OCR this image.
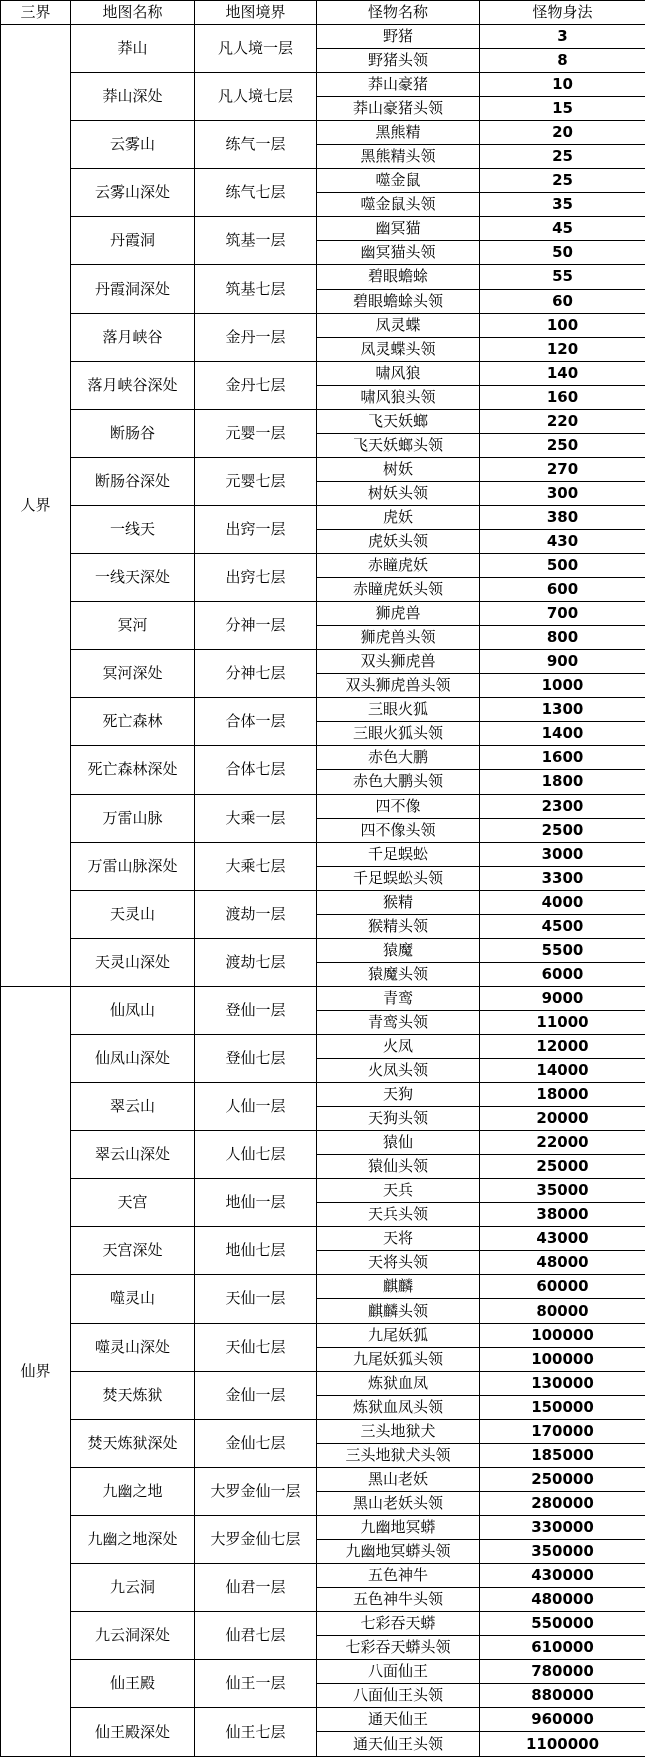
三界	地图名称	地图境界	怪物名称	怪物身法
人界	莽山	凡人境一层	野猪	3
			野猪头领	8
	莽山深处	凡人境七层	莽山豪猪	10
			莽山豪猪头领	15
	云雾山	练气一层	黑熊精	20
			黑熊精头领	25
	云雾山深处	练气七层	噬金鼠	25
			噬金鼠头领	35
	丹霞洞	筑基一层	幽冥猫	45
			幽冥猫头领	50
	丹霞洞深处	筑基七层	碧眼蟾蜍	55
			碧眼蟾蜍头领	60
	落月峡谷	金丹一层	凤灵蝶	100
			凤灵蝶头领	120
	落月峡谷深处	金丹七层	啸风狼	140
			啸风狼头领	160
	断肠谷	元婴一层	飞天妖螂	220
			飞天妖螂头领	250
	断肠谷深处	元婴七层	树妖	270
			树妖头领	300
	一线天	出窍一层	虎妖	380
			虎妖头领	430
	一线天深处	出窍七层	赤瞳虎妖	500
			赤瞳虎妖头领	600
	冥河	分神一层	狮虎兽	700
			狮虎兽头领	800
	冥河深处	分神七层	双头狮虎兽	900
			双头狮虎兽头领	1000
	死亡森林	合体一层	三眼火狐	1300
			三眼火狐头领	1400
	死亡森林深处	合体七层	赤色大鹏	1600
			赤色大鹏头领	1800
	万雷山脉	大乘一层	四不像	2300
			四不像头领	2500
	万雷山脉深处	大乘七层	千足蜈蚣	3000
			千足蜈蚣头领	3300
	天灵山	渡劫一层	猴精	4000
			猴精头领	4500
	天灵山深处	渡劫七层	猿魔	5500
			猿魔头领	6000
仙界	仙凤山	登仙一层	青鸾	9000
			青鸾头领	11000
	仙凤山深处	登仙七层	火凤	12000
			火凤头领	14000
	翠云山	人仙一层	天狗	18000
			天狗头领	20000
	翠云山深处	人仙七层	猿仙	22000
			猿仙头领	25000
	天宫	地仙一层	天兵	35000
			天兵头领	38000
	天宫深处	地仙七层	天将	43000
			天将头领	48000
	噬灵山	天仙一层	麒麟	60000
			麒麟头领	80000
	噬灵山深处	天仙七层	九尾妖狐	100000
			九尾妖狐头领	100000
	焚天炼狱	金仙一层	炼狱血凤	130000
			炼狱血凤头领	150000
	焚天炼狱深处	金仙七层	三头地狱犬	170000
			三头地狱犬头领	185000
	九幽之地	大罗金仙一层	黑山老妖	250000
			黑山老妖头领	280000
	九幽之地深处	大罗金仙七层	九幽地冥蟒	330000
			九幽地冥蟒头领	350000
	九云洞	仙君一层	五色神牛	430000
			五色神牛头领	480000
	九云洞深处	仙君七层	七彩吞天蟒	550000
			七彩吞天蟒头领	610000
	仙王殿	仙王一层	八面仙王	780000
			八面仙王头领	880000
	仙王殿深处	仙王七层	通天仙王	960000
			通天仙王头领	1100000
